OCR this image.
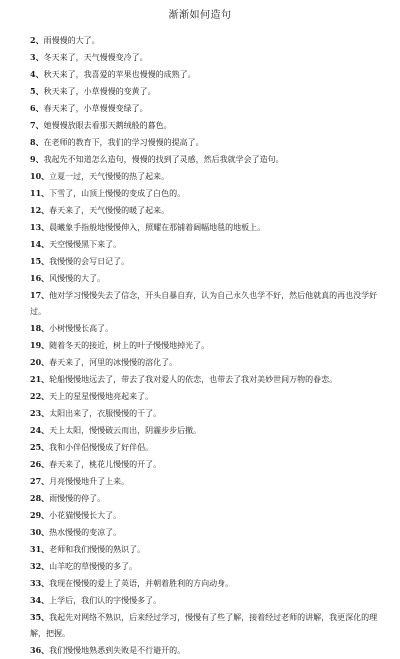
渐渐如何造句
2、雨慢慢的大了。
3、冬天来了，天气慢慢变冷了。
4、秋天来了，我喜爱的苹果也慢慢的成熟了。
5、秋天来了，小草慢慢的变黄了。
6、春天来了，小草慢慢变绿了。
7、她慢慢放眼去看那天鹅绒般的暮色。
8、在老师的教育下，我们的学习慢慢的提高了。
9、我起先不知道怎么造句，慢慢的找到了灵感，然后我就学会了造句。
10、立夏一过，天气慢慢的热了起来。
11、下雪了，山顶上慢慢的变成了白色的。
12、春天来了，天气慢慢的暖了起来。
13、晨曦象手指般地慢慢伸入，照耀在那铺着阔幅地毯的地板上。
14、天空慢慢黑下来了。
15、我慢慢的会写日记了。
16、风慢慢的大了。
17、他对学习慢慢失去了信念，开头自暴自弃，认为自己永久也学不好，然后他就真的再也没学好过。
18、小树慢慢长高了。
19、随着冬天的接近，树上的叶子慢慢地掉光了。
20、春天来了，河里的冰慢慢的溶化了。
21、轮船慢慢地远去了，带去了我对爱人的依恋，也带去了我对美妙世间万物的眷恋。
22、天上的星星慢慢地亮起来了。
23、太阳出来了，衣服慢慢的干了。
24、天上太阳，慢慢破云而出，阴霾步步后撤。
25、我和小伴侣慢慢成了好伴侣。
26、春天来了，桃花儿慢慢的开了。
27、月亮慢慢地升了上来。
28、雨慢慢的停了。
29、小花猫慢慢长大了。
30、热水慢慢的变凉了。
31、老师和我们慢慢的熟识了。
32、山羊吃的草慢慢的多了。
33、我现在慢慢的爱上了英语，并朝着胜利的方向动身。
34、上学后，我们认的字慢慢多了。
35、我起先对网络不熟识，后来经过学习，慢慢有了些了解，接着经过老师的讲解，我更深化的理解，把握。
36、我们慢慢地熟悉到失败是不行避开的。
